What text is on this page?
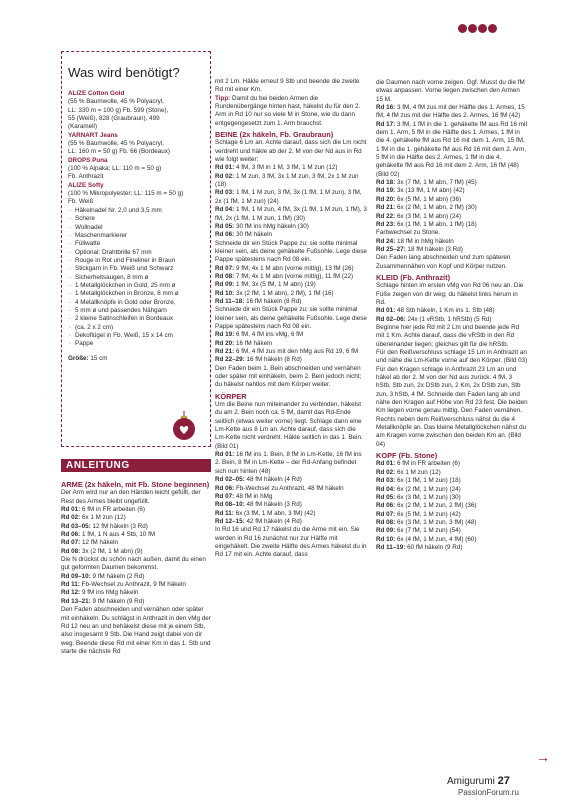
Was wird benötigt?

ALIZE Cotton Gold

(55 % Baumwolle, 45 % Polyacryl,

LL: 330 m = 100 g) Fb. 599 (Stone),

55 (Weiß), 828 (Graubraun), 499

(Karamell)

YARNART Jeans

(55 % Baumwolle, 45 % Polyacryl,

LL: 160 m = 50 g) Fb. 66 (Bordeaux)

DROPS Puna

(100 % Alpaka; LL: 110 m = 50 g)

Fb. Anthrazit

ALIZE Softy

(100 % Mikropolyester; LL: 115 m = 50 g)

Fb. Weiß

· Häkelnadel Nr. 2,0 und 3,5 mm

· Schere

· Wollnadel

· Maschenmarkierer

· Füllwatte

· Optional: Drahtbrille 67 mm

· Rouge in Rot und Fineliner in Braun

· Stickgarn in Fb. Weiß und Schwarz

· Sicherheitsaugen, 8 mm ø

· 1 Metallglöckchen in Gold, 25 mm ø

· 1 Metallglöckchen in Bronze, 8 mm ø

· 4 Metallknöpfe in Gold oder Bronze,

· 5 mm ø und passendes Nähgarn

· 2 kleine Satinschleifen in Bordeaux

· (ca. 2 x 2 cm)

· Dekoflügel in Fb. Weiß, 15 x 14 cm

· Pappe

Größe: 15 cm

ANLEITUNG

ARME (2x häkeln, mit Fb. Stone beginnen)

Der Arm wird nur an den Händen leicht gefüllt, der Rest des Armes bleibt ungefüllt.

Rd 01: 6 fM in FR arbeiten (6)

Rd 02: 6x 1 M zun (12)

Rd 03–05: 12 fM häkeln (3 Rd)

Rd 06: 1 fM, 1 N aus 4 Stb, 10 fM

Rd 07: 12 fM häkeln

Rd 08: 3x (2 fM, 1 M abn) (9)

Die N drückst du schön nach außen, damit du einen gut geformten Daumen bekommst.

Rd 09–10: 9 fM häkeln (2 Rd)

Rd 11: Fb-Wechsel zu Anthrazit, 9 fM häkeln

Rd 12: 9 fM ins hMg häkeln

Rd 13–21: 9 fM häkeln (9 Rd)

Den Faden abschneiden und vernähen oder später mit einhäkeln. Du schlägst in Anthrazit in den vMg der Rd 12 neu an und behäkelst diese mit je einem Stb, also insgesamt 9 Stb. Die Hand zeigt dabei von dir weg. Beende diese Rd mit einer Km in das 1. Stb und starte die nächste Rd

mit 2 Lm. Häkle erneut 9 Stb und beende die zweite Rd mit einer Km.

Tipp: Damit du bei beiden Armen die Rundenübergänge hinten hast, häkelst du für den 2. Arm in Rd 10 nur so viele M in Stone, wie du dann entgegengesetzt zum 1. Arm brauchst.

BEINE (2x häkeln, Fb. Graubraun)

Schlage 6 Lm an. Achte darauf, dass sich die Lm nicht verdreht und häkle ab der 2. M von der Nd aus in Rd wie folgt weiter:

Rd 01: 4 fM, 3 fM in 1 M, 3 fM, 1 M zun (12)

Rd 02: 1 M zun, 3 fM, 3x 1 M zun, 3 fM, 2x 1 M zun (18)

Rd 03: 1 fM, 1 M zun, 3 fM, 3x (1 fM, 1 M zun), 3 fM, 2x (1 fM, 1 M zun) (24)

Rd 04: 1 fM, 1 M zun, 4 fM, 3x (1 fM, 1 M zun, 1 fM), 3 fM, 2x (1 fM, 1 M zun, 1 fM) (30)

Rd 05: 30 fM ins hMg häkeln (30)

Rd 06: 30 fM häkeln

Schneide dir ein Stück Pappe zu; sie sollte minimal kleiner sein, als deine gehäkelte Fußsohle. Lege diese Pappe spätestens nach Rd 08 ein.

Rd 07: 9 fM, 4x 1 M abn (vorne mittig), 13 fM (26)

Rd 08: 7 fM, 4x 1 M abn (vorne mittig), 11 fM (22)

Rd 09: 1 fM, 3x (5 fM, 1 M abn) (19)

Rd 10: 3x (2 fM, 1 M abn), 2 fM), 1 fM (16)

Rd 11–18: 16 fM häkeln (8 Rd)

Schneide dir ein Stück Pappe zu; sie sollte minimal kleiner sein, als deine gehäkelte Fußsohle. Lege diese Pappe spätestens nach Rd 08 ein.

Rd 19: 6 fM, 4 fM ins vMg, 6 fM

Rd 20: 16 fM häkeln

Rd 21: 6 fM, 4 fM zus mit den hMg aus Rd 19, 6 fM

Rd 22–29: 16 fM häkeln (8 Rd)

Den Faden beim 1. Bein abschneiden und vernähen oder später mit einhäkeln, beim 2. Bein jedoch nicht; du häkelst nahtlos mit dem Körper weiter.

KÖRPER

Um die Beine nun miteinander zu verbinden, häkelst du am 2. Bein noch ca. 5 fM, damit das Rd-Ende seitlich (etwas weiter vorne) liegt. Schlage dann eine Lm-Kette aus 8 Lm an. Achte darauf, dass sich die Lm-Kette nicht verdreht. Häkle seitlich in das 1. Bein. (Bild 01)

Rd 01: 16 fM ins 1. Bein, 8 fM in Lm-Kette, 16 fM ins 2. Bein, 8 fM in Lm-Kette – der Rd-Anfang befindet sich nun hinten (48)

Rd 02–05: 48 fM häkeln (4 Rd)

Rd 06: Fb-Wechsel zu Anthrazit, 48 fM häkeln

Rd 07: 48 fM in hMg

Rd 08–10: 48 fM häkeln (3 Rd)

Rd 11: 6x (3 fM, 1 M abn, 3 fM) (42)

Rd 12–15: 42 fM häkeln (4 Rd)

In Rd 16 und Rd 17 häkelst du die Arme mit ein. Sie werden in Rd 16 zunächst nur zur Hälfte mit eingehäkelt. Die zweite Hälfte des Armes häkelst du in Rd 17 mit ein. Achte darauf, dass

die Daumen nach vorne zeigen. Ggf. Musst du die fM etwas anpassen. Vorne liegen zwischen den Armen 15 M.

Rd 16: 3 fM, 4 fM zus mit der Hälfte des 1. Armes, 15 fM, 4 fM zus mit der Hälfte des 2. Armes, 16 fM (42)

Rd 17: 3 fM, 1 fM in die 1. gehäkelte fM aus Rd 16 mit dem 1. Arm, 5 fM in die Hälfte des 1. Armes, 1 fM in die 4. gehäkelte fM aus Rd 16 mit dem 1. Arm, 15 fM, 1 fM in die 1. gehäkelte fM aus Rd 16 mit dem 2. Arm, 5 fM in die Hälfte des 2. Armes, 1 fM in die 4. gehäkelte fM aus Rd 16 mit dem 2. Arm, 16 fM (48) (Bild 02)

Rd 18: 3x (7 fM, 1 M abn, 7 fM) (45)

Rd 19: 3x (13 fM, 1 M abn) (42)

Rd 20: 6x (5 fM, 1 M abn) (36)

Rd 21: 6x (2 fM, 1 M abn, 2 fM) (30)

Rd 22: 6x (3 fM, 1 M abn) (24)

Rd 23: 6x (1 fM, 1 M abn, 1 fM) (18)

Farbwechsel zu Stone.

Rd 24: 18 fM in hMg häkeln

Rd 25–27: 18 fM häkeln (3 Rd)

Den Faden lang abschneiden und zum späteren Zusammennähen von Kopf und Körper nutzen.

KLEID (Fb. Anthrazit)

Schlage hinten im ersten vMg von Rd 06 neu an. Die Füße zeigen von dir weg; du häkelst links herum in Rd.

Rd 01: 48 Stb häkeln, 1 Km ins 1. Stb (48)

Rd 02–06: 24x (1 vRStb, 1 hRStb) (5 Rd)

Beginne hier jede Rd mit 2 Lm und beende jede Rd mit 1 Km. Achte darauf, dass die vRStb in den Rd übereinander liegen; gleiches gilt für die hRStb.

Für den Reißverschluss schlage 15 Lm in Anthrazit an und nähe die Lm-Kette vorne auf den Körper. (Bild 03) Für den Kragen schlage in Anthrazit 23 Lm an und häkel ab der 2. M von der Nd aus zurück: 4 fM, 3 hStb, Stb zun, 2x DStb zun, 2 Km, 2x DStb zun, Stb zun, 3 hStb, 4 fM. Schneide den Faden lang ab und nähe den Kragen auf Höhe von Rd 23 fest. Die beiden Km liegen vorne genau mittig. Den Faden vernähen. Rechts neben dem Reißverschluss nähst du die 4 Metallknöpfe an. Das kleine Metallglöckchen nähst du am Kragen vorne zwischen den beiden Km an. (Bild 04)

KOPF (Fb. Stone)

Rd 01: 6 fM in FR arbeiten (6)

Rd 02: 6x 1 M zun (12)

Rd 03: 6x (1 fM, 1 M zun) (18)

Rd 04: 6x (2 fM, 1 M zun) (24)

Rd 05: 6x (3 fM, 1 M zun) (30)

Rd 06: 6x (2 fM, 1 M zun, 2 fM) (36)

Rd 07: 6x (5 fM, 1 M zun) (42)

Rd 08: 6x (3 fM, 1 M zun, 3 fM) (48)

Rd 09: 6x (7 fM, 1 M zun) (54)

Rd 10: 6x (4 fM, 1 M zun, 4 fM) (60)

Rd 11–19: 60 fM häkeln (9 Rd)

→
Amigurumi 27
PassionForum.ru
